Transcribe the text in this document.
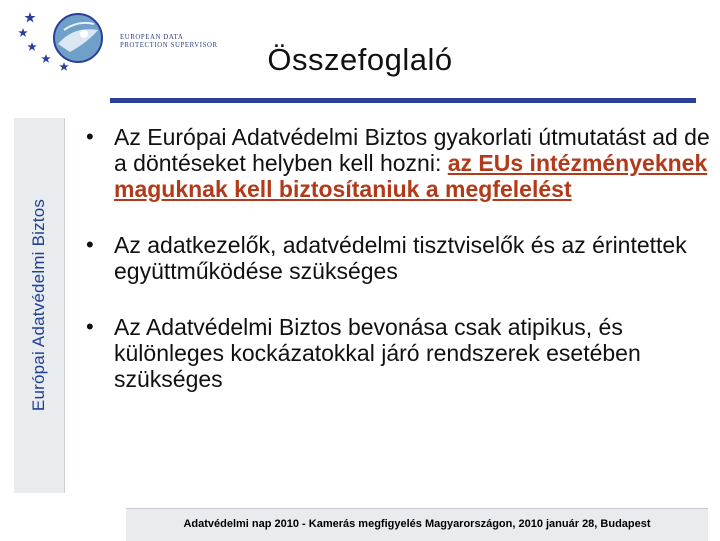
EUROPEAN DATA
PROTECTION SUPERVISOR
Európai Adatvédelmi Biztos
Összefoglaló
• Az Európai Adatvédelmi Biztos gyakorlati útmutatást ad de a döntéseket helyben kell hozni: az EUs intézményeknek maguknak kell biztosítaniuk a megfelelést
• Az adatkezelők, adatvédelmi tisztviselők és az érintettek együttműködése szükséges
• Az Adatvédelmi Biztos bevonása csak atipikus, és különleges kockázatokkal járó rendszerek esetében szükséges
Adatvédelmi nap 2010 - Kamerás megfigyelés Magyarországon, 2010 január 28, Budapest
